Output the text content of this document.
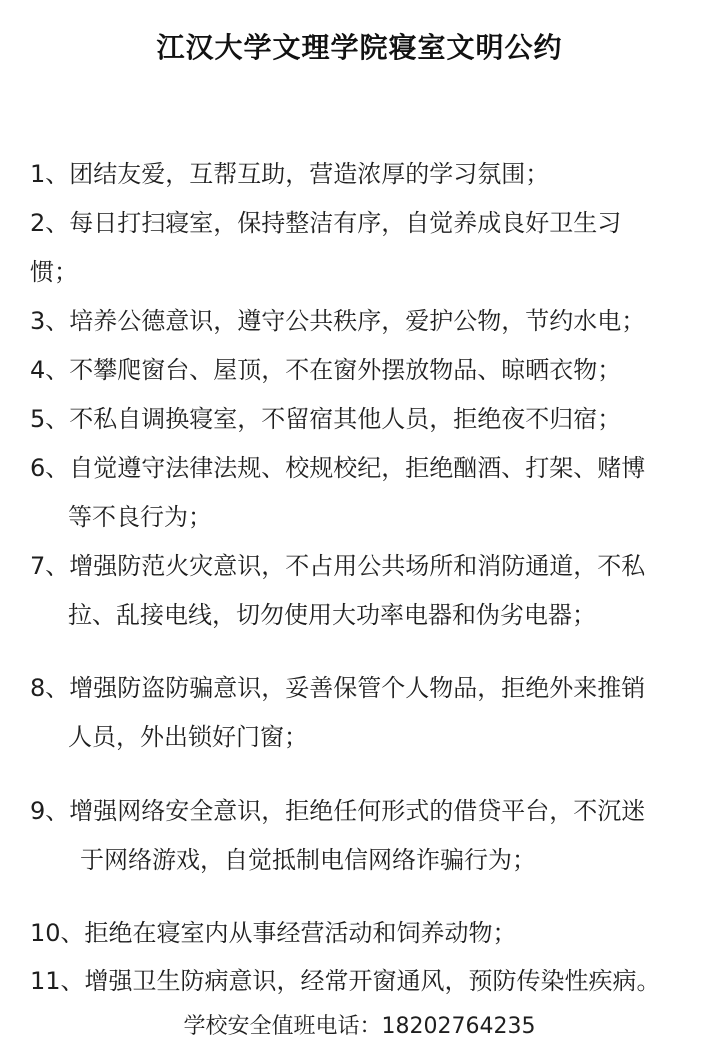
江汉大学文理学院寝室文明公约
1、团结友爱，互帮互助，营造浓厚的学习氛围；
2、每日打扫寝室，保持整洁有序，自觉养成良好卫生习
惯；
3、培养公德意识，遵守公共秩序，爱护公物，节约水电；
4、不攀爬窗台、屋顶，不在窗外摆放物品、晾晒衣物；
5、不私自调换寝室，不留宿其他人员，拒绝夜不归宿；
6、自觉遵守法律法规、校规校纪，拒绝酗酒、打架、赌博
等不良行为；
7、增强防范火灾意识，不占用公共场所和消防通道，不私
拉、乱接电线，切勿使用大功率电器和伪劣电器；
8、增强防盗防骗意识，妥善保管个人物品，拒绝外来推销
人员，外出锁好门窗；
9、增强网络安全意识，拒绝任何形式的借贷平台，不沉迷
于网络游戏，自觉抵制电信网络诈骗行为；
10、拒绝在寝室内从事经营活动和饲养动物；
11、增强卫生防病意识，经常开窗通风，预防传染性疾病。
学校安全值班电话：18202764235
